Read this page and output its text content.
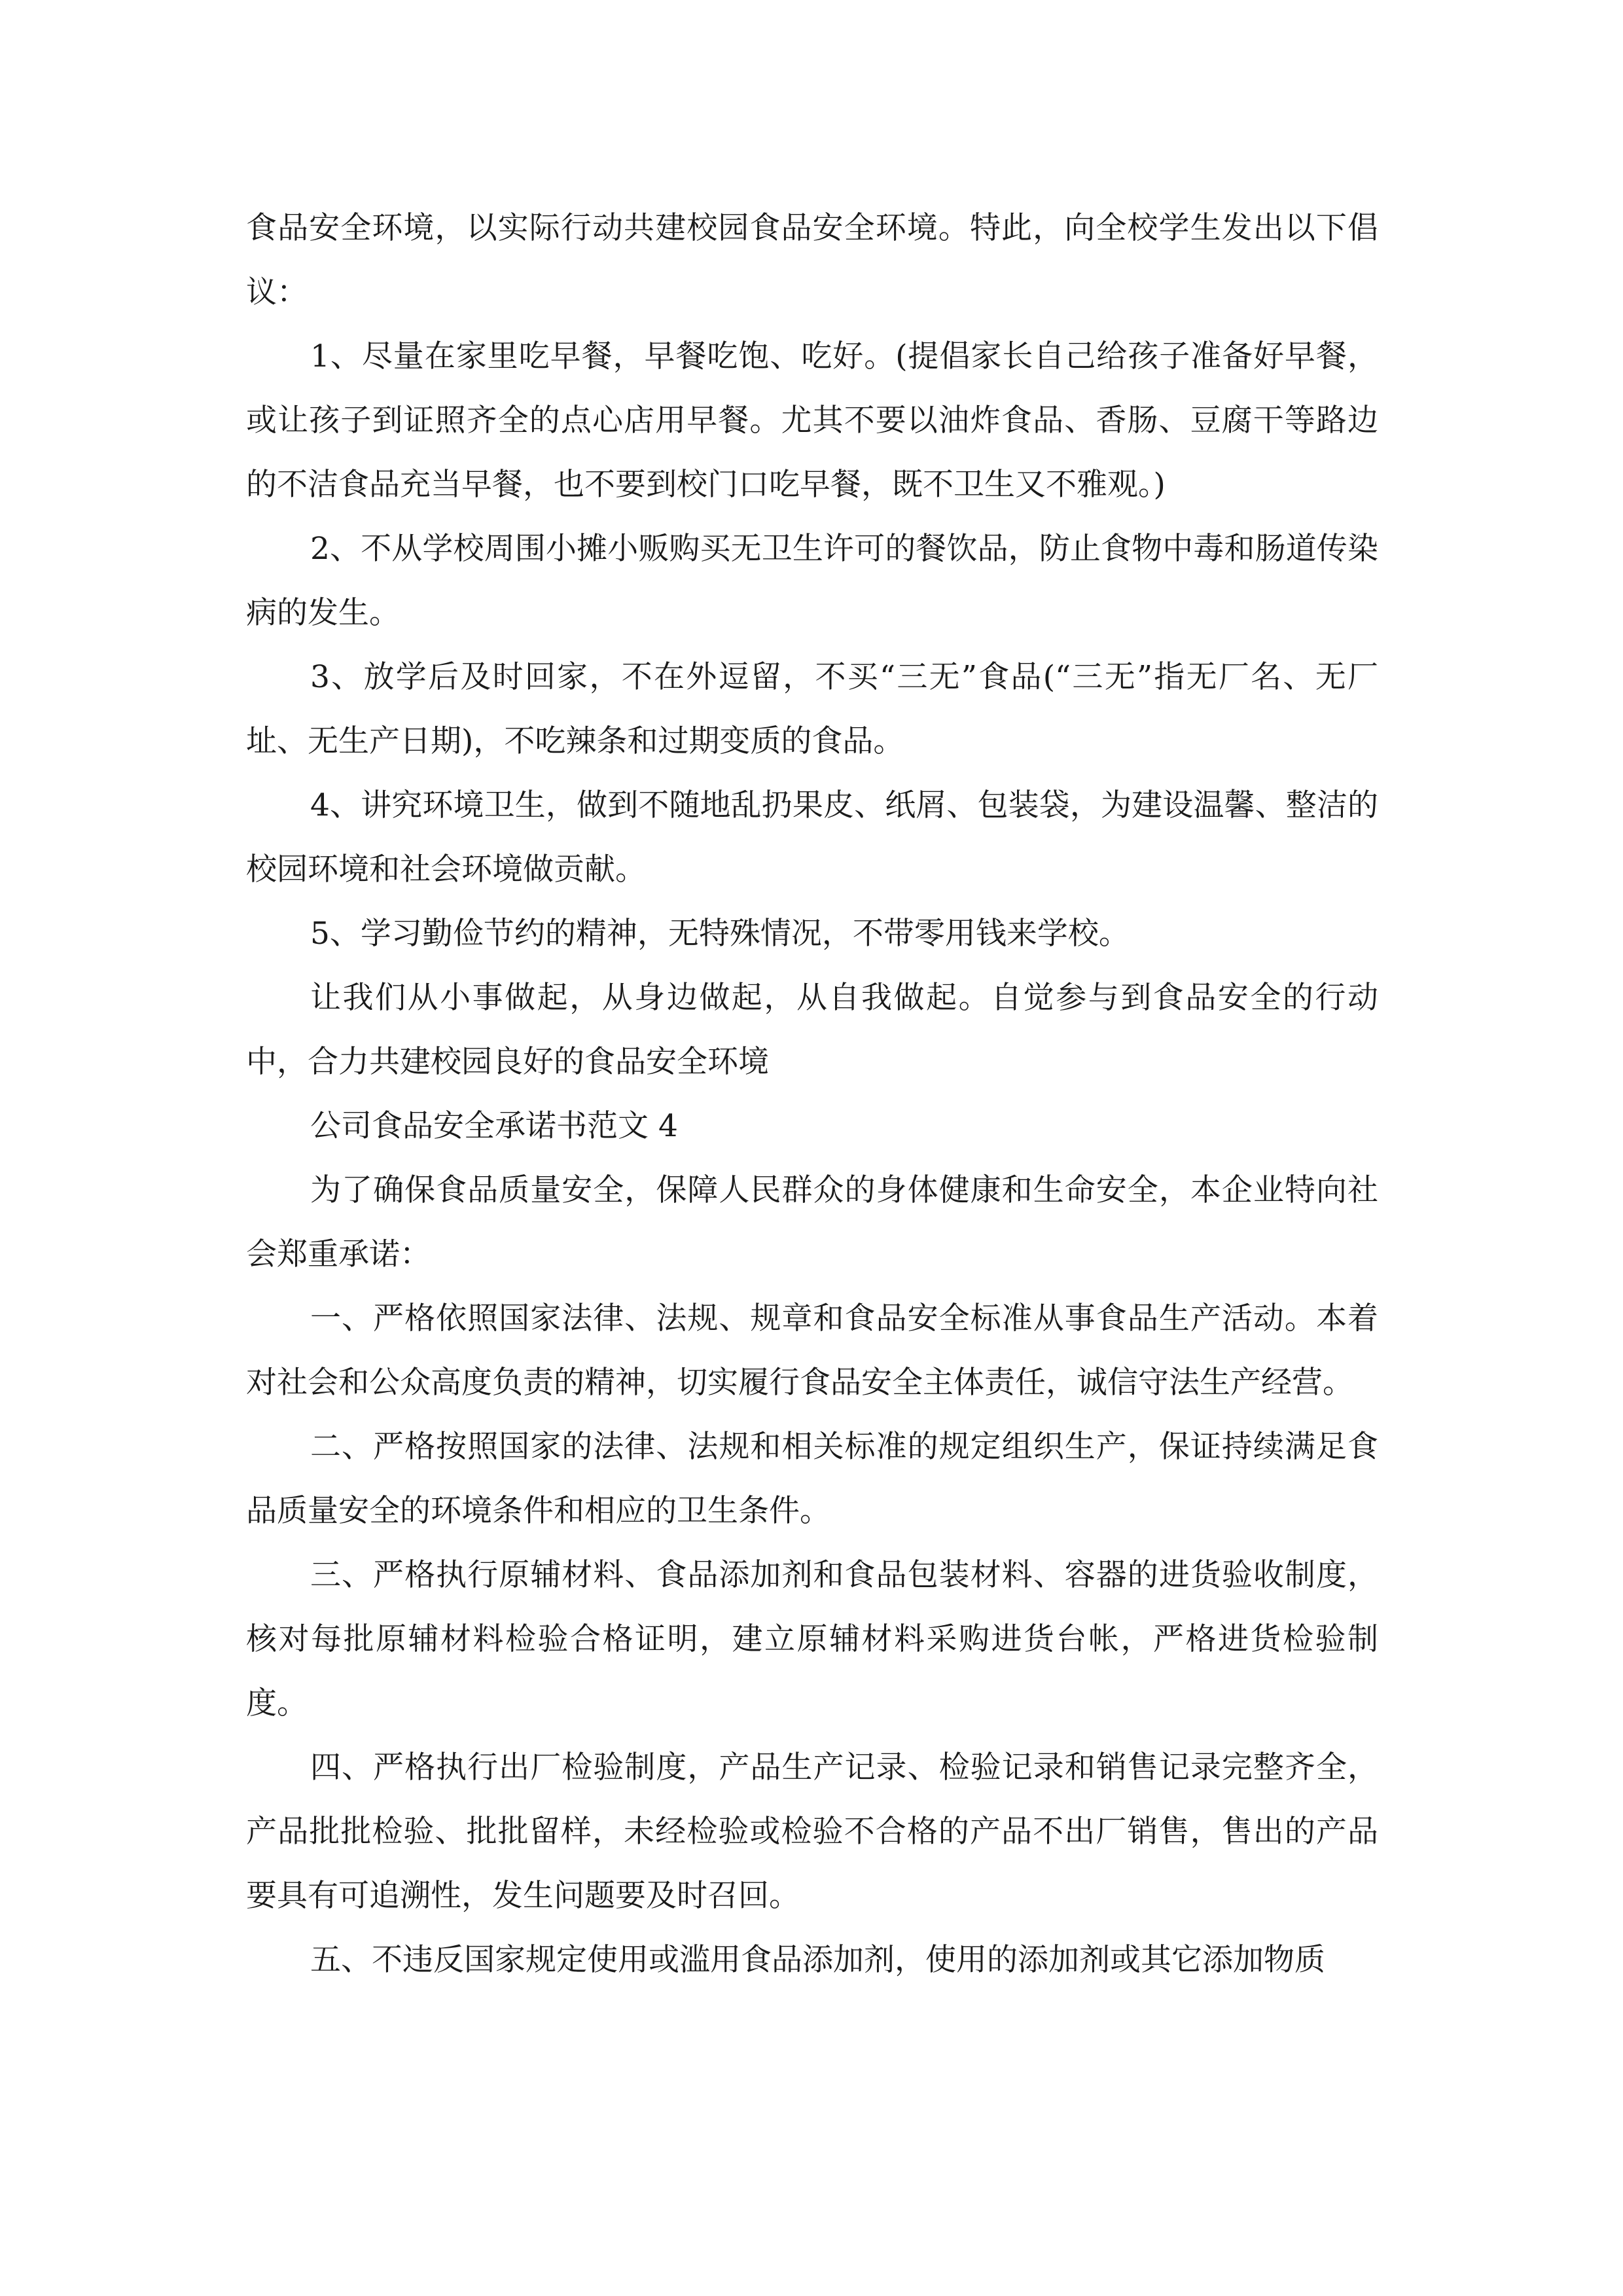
食品安全环境，以实际行动共建校园食品安全环境。特此，向全校学生发出以下倡议：

1、尽量在家里吃早餐，早餐吃饱、吃好。(提倡家长自己给孩子准备好早餐，或让孩子到证照齐全的点心店用早餐。尤其不要以油炸食品、香肠、豆腐干等路边的不洁食品充当早餐，也不要到校门口吃早餐，既不卫生又不雅观。)

2、不从学校周围小摊小贩购买无卫生许可的餐饮品，防止食物中毒和肠道传染病的发生。

3、放学后及时回家，不在外逗留，不买“三无”食品(“三无”指无厂名、无厂址、无生产日期)，不吃辣条和过期变质的食品。

4、讲究环境卫生，做到不随地乱扔果皮、纸屑、包装袋，为建设温馨、整洁的校园环境和社会环境做贡献。

5、学习勤俭节约的精神，无特殊情况，不带零用钱来学校。

让我们从小事做起，从身边做起，从自我做起。自觉参与到食品安全的行动中，合力共建校园良好的食品安全环境

公司食品安全承诺书范文 4

为了确保食品质量安全，保障人民群众的身体健康和生命安全，本企业特向社会郑重承诺：

一、严格依照国家法律、法规、规章和食品安全标准从事食品生产活动。本着对社会和公众高度负责的精神，切实履行食品安全主体责任，诚信守法生产经营。

二、严格按照国家的法律、法规和相关标准的规定组织生产，保证持续满足食品质量安全的环境条件和相应的卫生条件。

三、严格执行原辅材料、食品添加剂和食品包装材料、容器的进货验收制度，核对每批原辅材料检验合格证明，建立原辅材料采购进货台帐，严格进货检验制度。

四、严格执行出厂检验制度，产品生产记录、检验记录和销售记录完整齐全，产品批批检验、批批留样，未经检验或检验不合格的产品不出厂销售，售出的产品要具有可追溯性，发生问题要及时召回。

五、不违反国家规定使用或滥用食品添加剂，使用的添加剂或其它添加物质
